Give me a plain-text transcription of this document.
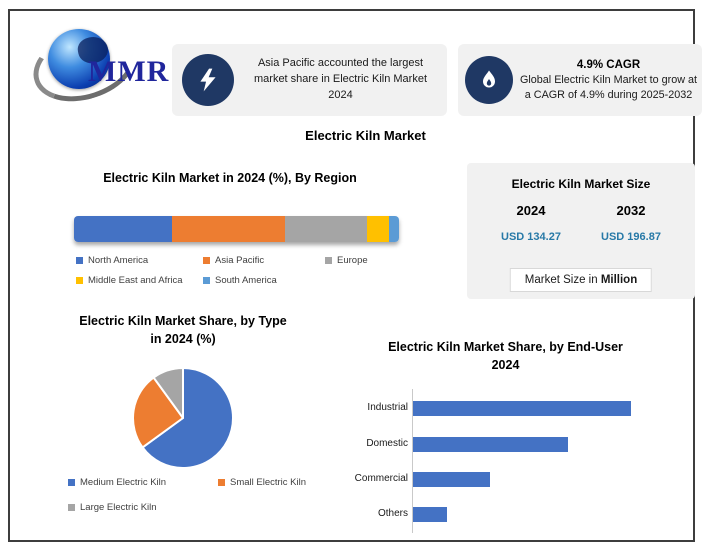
MMR	Asia Pacific accounted the largest market share in Electric Kiln Market 2024
4.9% CAGR
Global Electric Kiln Market to grow at a CAGR of 4.9% during 2025-2032
Electric Kiln Market
Electric Kiln Market in 2024 (%), By Region
North America	Asia Pacific	Europe
Middle East and Africa	South America
Electric Kiln Market Size
2024
USD 134.27
2032
USD 196.87
Market Size in Million
Electric Kiln Market Share, by Type
in 2024 (%)
Medium Electric Kiln	Small Electric Kiln
Large Electric Kiln
Electric Kiln Market Share, by End-User
2024
Industrial
Domestic
Commercial
Others
